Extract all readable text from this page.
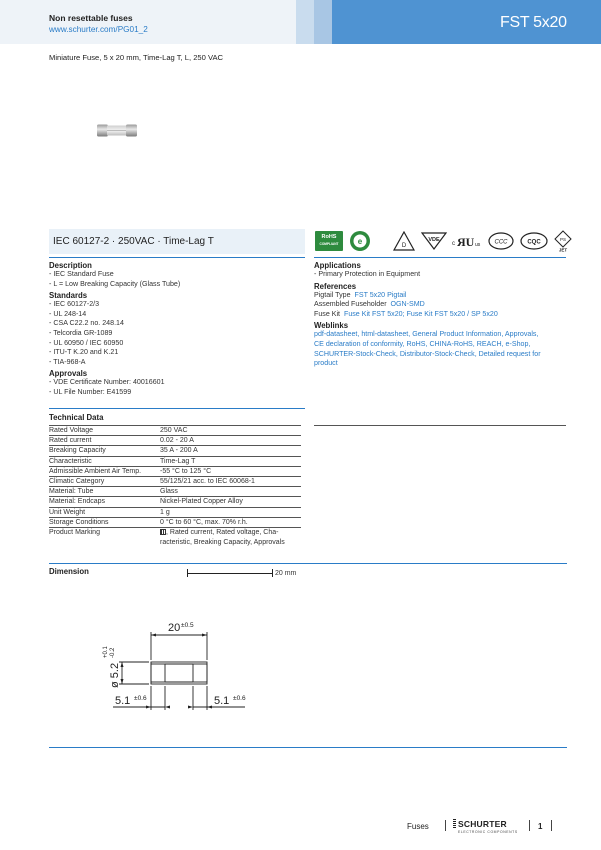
Non resettable fuses
www.schurter.com/PG01_2	FST 5x20
Miniature Fuse, 5 x 20 mm, Time-Lag T, L, 250 VAC
IEC 60127-2 · 250VAC · Time-Lag T	RoHS
COMPLIANT	e	D
VDE
c ЯU us CCC	CQC	PS
JET
Description
- IEC Standard Fuse
- L = Low Breaking Capacity (Glass Tube)
Standards
- IEC 60127-2/3
- UL 248-14
- CSA C22.2 no. 248.14
- Telcordia GR-1089
- UL 60950 / IEC 60950
- ITU-T K.20 and K.21
- TIA-968-A
Approvals
- VDE Certificate Number: 40016601
- UL File Number: E41599
Applications
- Primary Protection in Equipment
References
Pigtail Type FST 5x20 Pigtail
Assembled Fuseholder OGN-SMD
Fuse Kit Fuse Kit FST 5x20; Fuse Kit FST 5x20 / SP 5x20
Weblinks
pdf-datasheet, html-datasheet, General Product Information, Approvals,
CE declaration of conformity, RoHS, CHINA-RoHS, REACH, e-Shop,
SCHURTER-Stock-Check, Distributor-Stock-Check, Detailed request for
product
Technical Data
Rated Voltage	250 VAC
Rated current	0.02 - 20 A
Breaking Capacity	35 A - 200 A
Characteristic	Time-Lag T
Admissible Ambient Air Temp.	-55 °C to 125 °C
Climatic Category	55/125/21 acc. to IEC 60068-1
Material: Tube	Glass
Material: Endcaps	Nickel-Plated Copper Alloy
Unit Weight	1 g
Storage Conditions	0 °C to 60 °C, max. 70% r.h.
Product Marking	, Rated current, Rated voltage, Cha-
racteristic, Breaking Capacity, Approvals
Dimension	20 mm
20 ±0.5
ø 5.2
+0.1 -0.2
5.1 ±0.6	5.1 ±0.6
Fuses	SCHURTER
ELECTRONIC COMPONENTS
1
